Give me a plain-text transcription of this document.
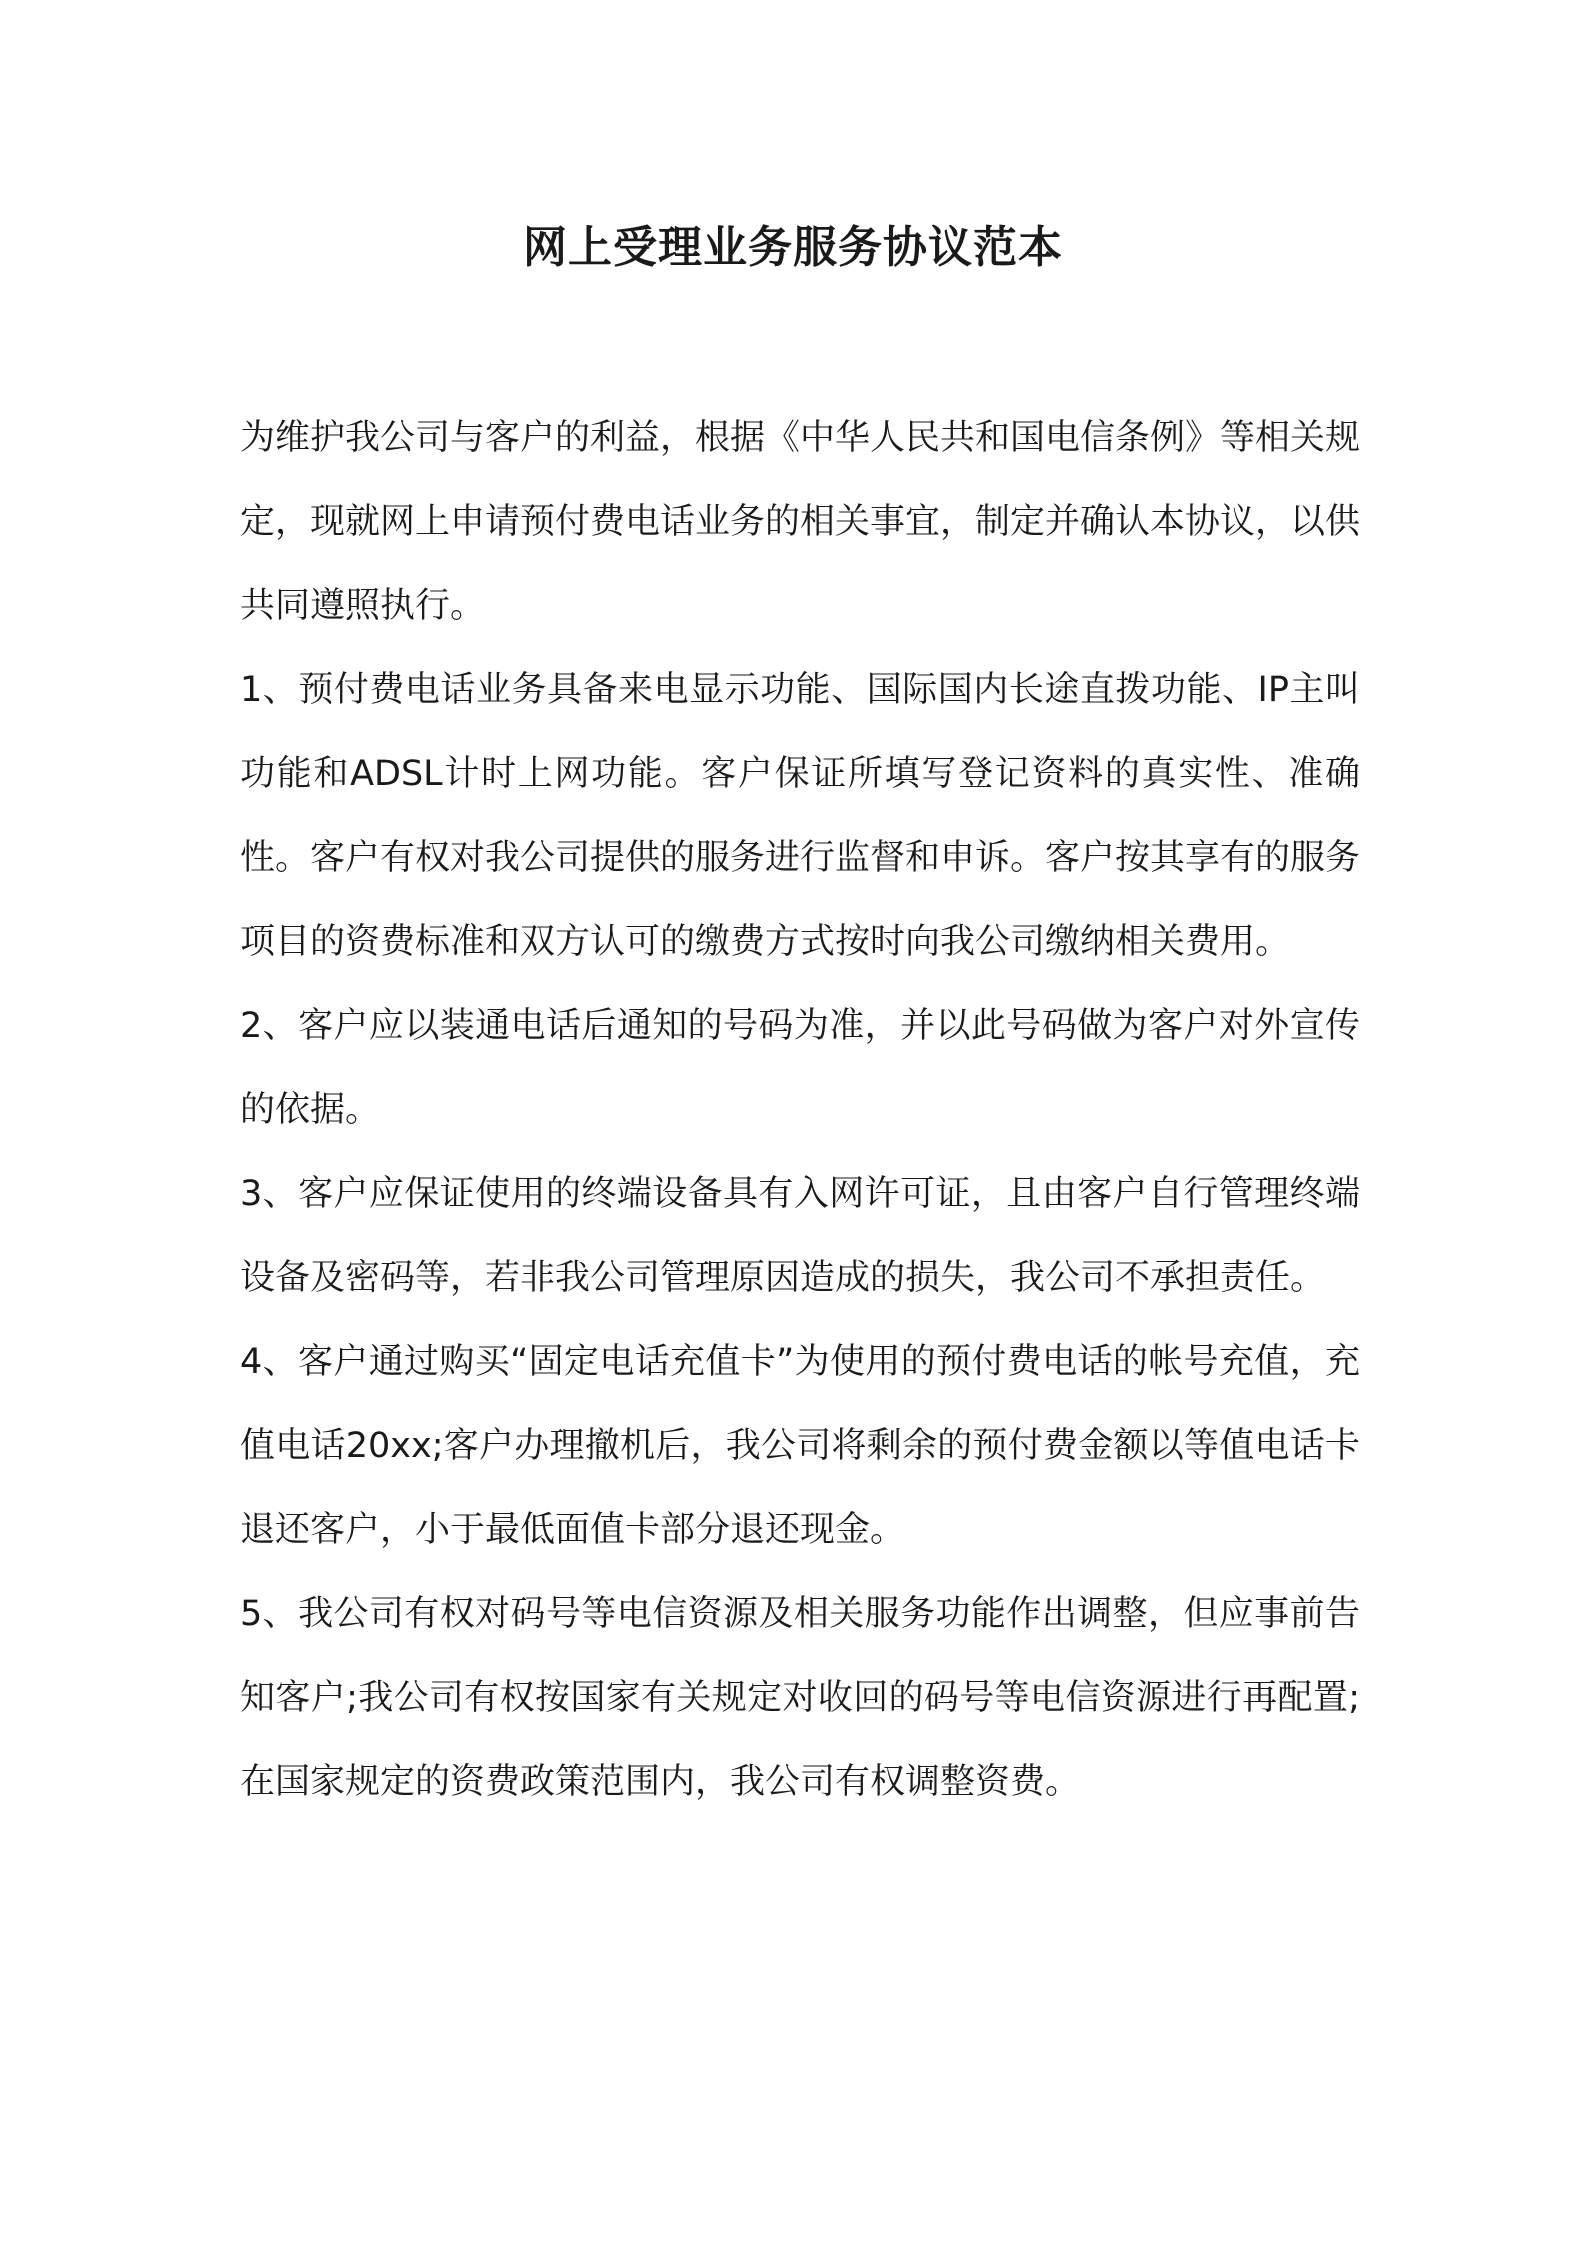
网上受理业务服务协议范本

为维护我公司与客户的利益，根据《中华人民共和国电信条例》等相关规定，现就网上申请预付费电话业务的相关事宜，制定并确认本协议，以供共同遵照执行。

1、预付费电话业务具备来电显示功能、国际国内长途直拨功能、IP主叫功能和ADSL计时上网功能。客户保证所填写登记资料的真实性、准确性。客户有权对我公司提供的服务进行监督和申诉。客户按其享有的服务项目的资费标准和双方认可的缴费方式按时向我公司缴纳相关费用。

2、客户应以装通电话后通知的号码为准，并以此号码做为客户对外宣传的依据。

3、客户应保证使用的终端设备具有入网许可证，且由客户自行管理终端设备及密码等，若非我公司管理原因造成的损失，我公司不承担责任。

4、客户通过购买“固定电话充值卡”为使用的预付费电话的帐号充值，充值电话20xx;客户办理撤机后，我公司将剩余的预付费金额以等值电话卡退还客户，小于最低面值卡部分退还现金。

5、我公司有权对码号等电信资源及相关服务功能作出调整，但应事前告知客户;我公司有权按国家有关规定对收回的码号等电信资源进行再配置;在国家规定的资费政策范围内，我公司有权调整资费。
